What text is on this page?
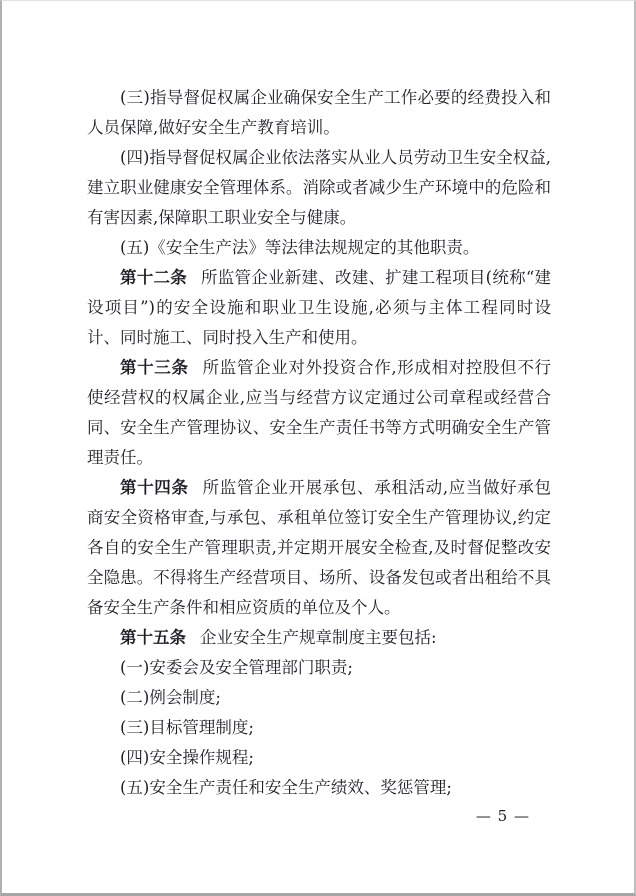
(三)指导督促权属企业确保安全生产工作必要的经费投入和人员保障,做好安全生产教育培训。

(四)指导督促权属企业依法落实从业人员劳动卫生安全权益,建立职业健康安全管理体系。消除或者减少生产环境中的危险和有害因素,保障职工职业安全与健康。

(五)《安全生产法》等法律法规规定的其他职责。

第十二条 所监管企业新建、改建、扩建工程项目(统称“建设项目”)的安全设施和职业卫生设施,必须与主体工程同时设计、同时施工、同时投入生产和使用。

第十三条 所监管企业对外投资合作,形成相对控股但不行使经营权的权属企业,应当与经营方议定通过公司章程或经营合同、安全生产管理协议、安全生产责任书等方式明确安全生产管理责任。

第十四条 所监管企业开展承包、承租活动,应当做好承包商安全资格审查,与承包、承租单位签订安全生产管理协议,约定各自的安全生产管理职责,并定期开展安全检查,及时督促整改安全隐患。不得将生产经营项目、场所、设备发包或者出租给不具备安全生产条件和相应资质的单位及个人。

第十五条 企业安全生产规章制度主要包括:

(一)安委会及安全管理部门职责;

(二)例会制度;

(三)目标管理制度;

(四)安全操作规程;

(五)安全生产责任和安全生产绩效、奖惩管理;

— 5 —
